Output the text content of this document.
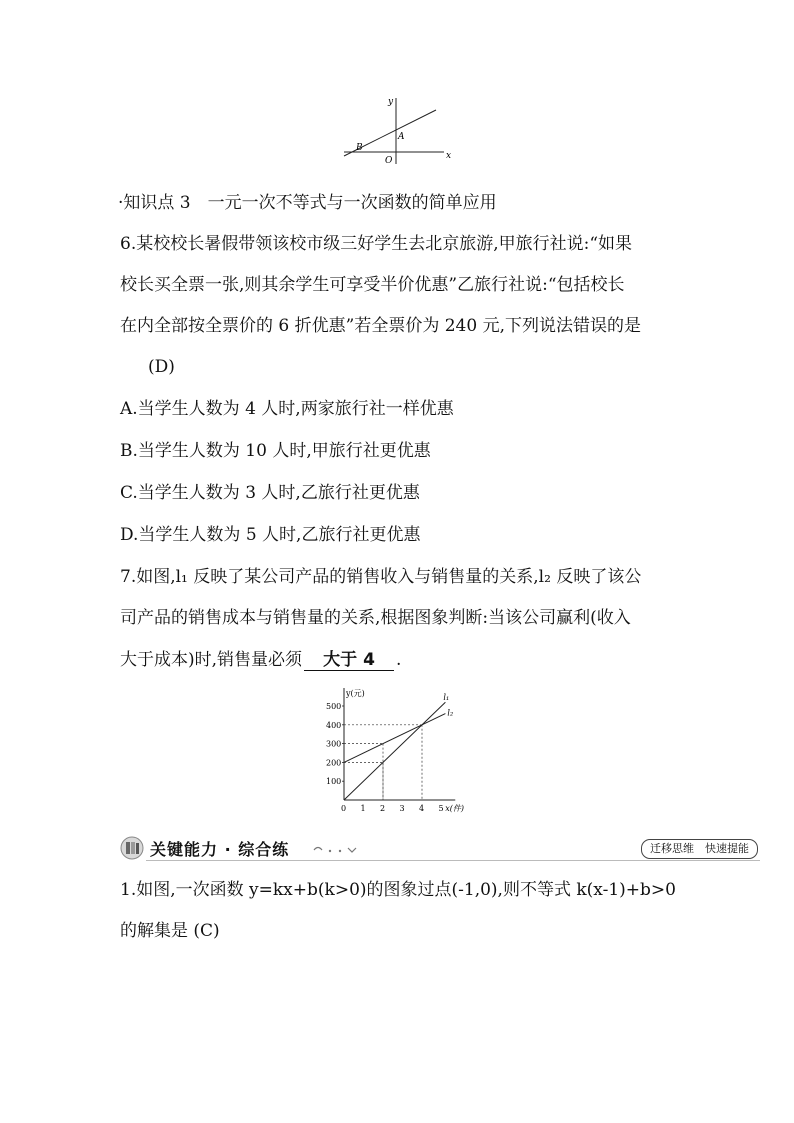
y
x
O
A
B
·知识点 3　一元一次不等式与一次函数的简单应用
6.某校校长暑假带领该校市级三好学生去北京旅游,甲旅行社说:“如果
校长买全票一张,则其余学生可享受半价优惠”乙旅行社说:“包括校长
在内全部按全票价的 6 折优惠”若全票价为 240 元,下列说法错误的是
(D)
A.当学生人数为 4 人时,两家旅行社一样优惠
B.当学生人数为 10 人时,甲旅行社更优惠
C.当学生人数为 3 人时,乙旅行社更优惠
D.当学生人数为 5 人时,乙旅行社更优惠
7.如图,l₁ 反映了某公司产品的销售收入与销售量的关系,l₂ 反映了该公
司产品的销售成本与销售量的关系,根据图象判断:当该公司赢利(收入
大于成本)时,销售量必须 大于 4 .
0 1 2 3 4 5
100
200
300
400
500
y(元)
x(件)
l₁
l₂
关键能力 · 综合练	迁移思维　快速提能
1.如图,一次函数 y=kx+b(k>0)的图象过点(-1,0),则不等式 k(x-1)+b>0
的解集是 (C)
